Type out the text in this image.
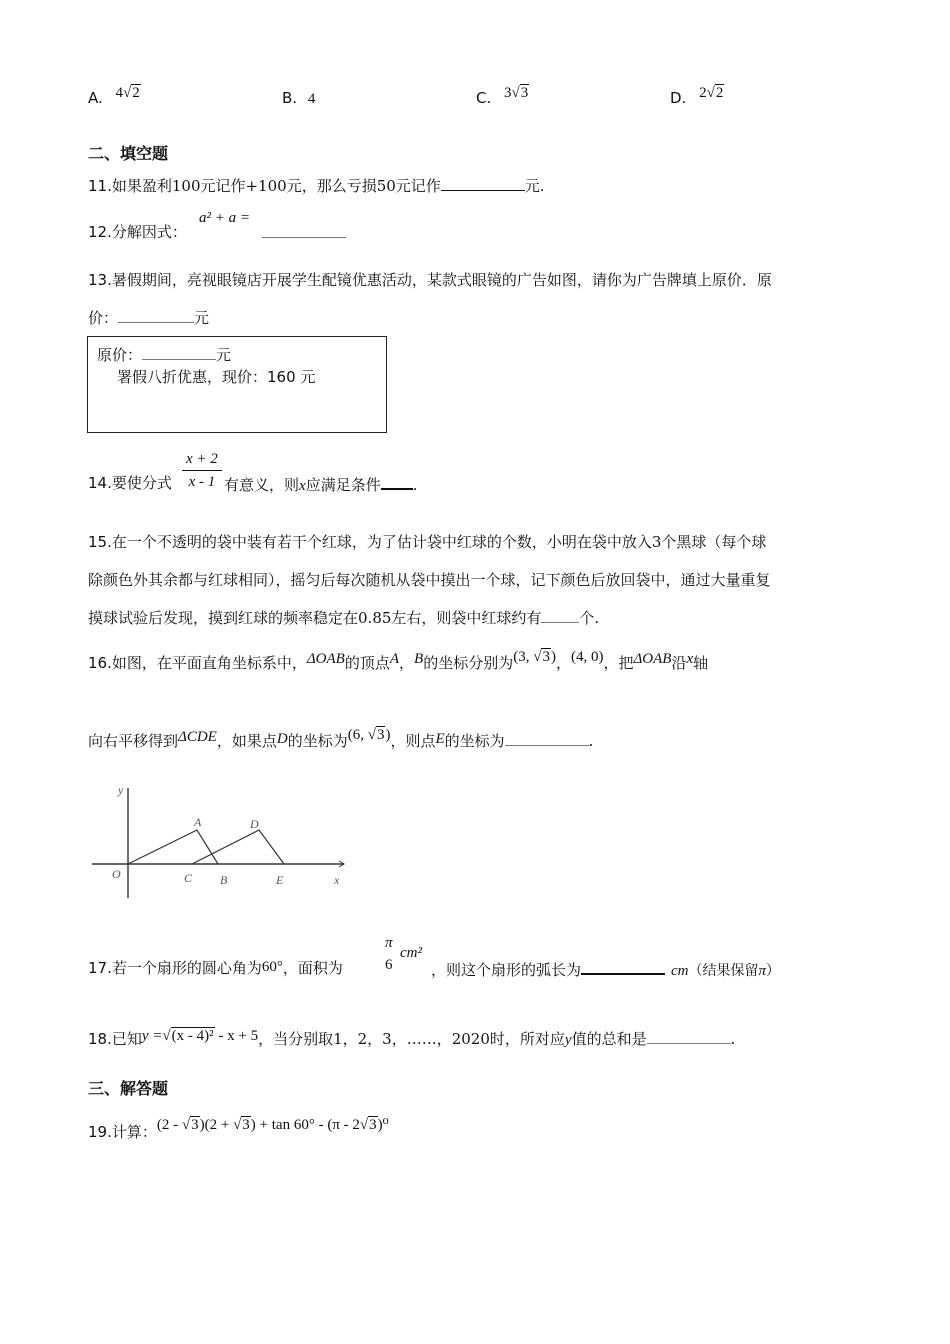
A. 4√2	B. 4	C. 3√3	D. 2√2
二、填空题
11.如果盈利100元记作+100元，那么亏损50元记作	元.
12.分解因式：
a² + a =
13.暑假期间，亮视眼镜店开展学生配镜优惠活动，某款式眼镜的广告如图，请你为广告牌填上原价．原
价：	元
原价：	元
署假八折优惠，现价：160 元
14.要使分式 $\frac{x + 2}{x - 1}$ 有意义，则x应满足条件 .
15.在一个不透明的袋中装有若干个红球，为了估计袋中红球的个数，小明在袋中放入3个黑球（每个球
除颜色外其余都与红球相同），摇匀后每次随机从袋中摸出一个球，记下颜色后放回袋中，通过大量重复
摸球试验后发现，摸到红球的频率稳定在0.85左右，则袋中红球约有	个.
16.如图，在平面直角坐标系中，ΔOAB的顶点A，B的坐标分别为(3, √3)，(4, 0)，把ΔOAB沿x轴
向右平移得到ΔCDE，如果点D的坐标为(6, √3)，则点E的坐标为	.
y
x
O
A
C B
D
E
17.若一个扇形的圆心角为60°，面积为
π
6
cm²
，则这个扇形的弧长为	cm（结果保留π）
18.已知y =√(x - 4)² - x + 5，当分别取1，2，3，……，2020时，所对应y值的总和是	.
三、解答题
19.计算：(2 - √3)(2 + √3) + tan 60° - (π - 2√3)⁰
